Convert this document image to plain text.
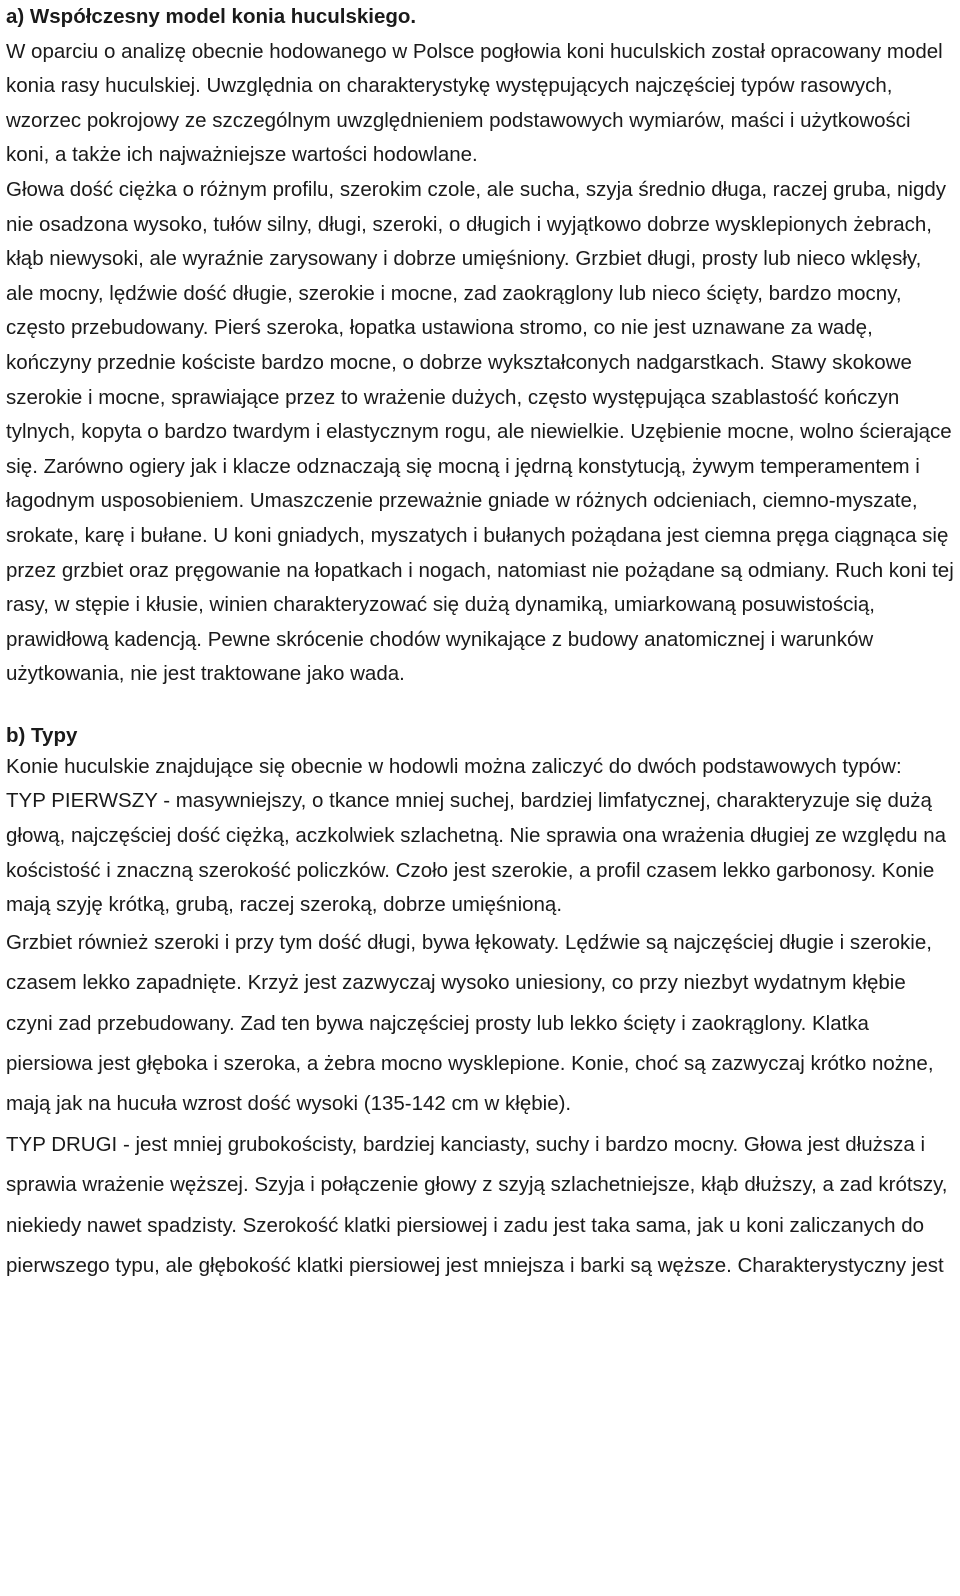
a) Współczesny model konia huculskiego.

W oparciu o analizę obecnie hodowanego w Polsce pogłowia koni huculskich został opracowany model konia rasy huculskiej. Uwzględnia on charakterystykę występujących najczęściej typów rasowych, wzorzec pokrojowy ze szczególnym uwzględnieniem podstawowych wymiarów, maści i użytkowości koni, a także ich najważniejsze wartości hodowlane.

Głowa dość ciężka o różnym profilu, szerokim czole, ale sucha, szyja średnio długa, raczej gruba, nigdy nie osadzona wysoko, tułów silny, długi, szeroki, o długich i wyjątkowo dobrze wysklepionych żebrach, kłąb niewysoki, ale wyraźnie zarysowany i dobrze umięśniony. Grzbiet długi, prosty lub nieco wklęsły, ale mocny, lędźwie dość długie, szerokie i mocne, zad zaokrąglony lub nieco ścięty, bardzo mocny, często przebudowany. Pierś szeroka, łopatka ustawiona stromo, co nie jest uznawane za wadę, kończyny przednie kościste bardzo mocne, o dobrze wykształconych nadgarstkach. Stawy skokowe szerokie i mocne, sprawiające przez to wrażenie dużych, często występująca szablastość kończyn tylnych, kopyta o bardzo twardym i elastycznym rogu, ale niewielkie. Uzębienie mocne, wolno ścierające się. Zarówno ogiery jak i klacze odznaczają się mocną i jędrną konstytucją, żywym temperamentem i łagodnym usposobieniem. Umaszczenie przeważnie gniade w różnych odcieniach, ciemno-myszate, srokate, karę i bułane. U koni gniadych, myszatych i bułanych pożądana jest ciemna pręga ciągnąca się przez grzbiet oraz pręgowanie na łopatkach i nogach, natomiast nie pożądane są odmiany. Ruch koni tej rasy, w stępie i kłusie, winien charakteryzować się dużą dynamiką, umiarkowaną posuwistością, prawidłową kadencją. Pewne skrócenie chodów wynikające z budowy anatomicznej i warunków użytkowania, nie jest traktowane jako wada.

b) Typy

Konie huculskie znajdujące się obecnie w hodowli można zaliczyć do dwóch podstawowych typów:

TYP PIERWSZY - masywniejszy, o tkance mniej suchej, bardziej limfatycznej, charakteryzuje się dużą głową, najczęściej dość ciężką, aczkolwiek szlachetną. Nie sprawia ona wrażenia długiej ze względu na kościstość i znaczną szerokość policzków. Czoło jest szerokie, a profil czasem lekko garbonosy. Konie mają szyję krótką, grubą, raczej szeroką, dobrze umięśnioną.

Grzbiet również szeroki i przy tym dość długi, bywa łękowaty. Lędźwie są najczęściej długie i szerokie, czasem lekko zapadnięte. Krzyż jest zazwyczaj wysoko uniesiony, co przy niezbyt wydatnym kłębie czyni zad przebudowany. Zad ten bywa najczęściej prosty lub lekko ścięty i zaokrąglony. Klatka piersiowa jest głęboka i szeroka, a żebra mocno wysklepione. Konie, choć są zazwyczaj krótko nożne, mają jak na hucuła wzrost dość wysoki (135-142 cm w kłębie).

TYP DRUGI - jest mniej grubokościsty, bardziej kanciasty, suchy i bardzo mocny. Głowa jest dłuższa i sprawia wrażenie węższej. Szyja i połączenie głowy z szyją szlachetniejsze, kłąb dłuższy, a zad krótszy, niekiedy nawet spadzisty. Szerokość klatki piersiowej i zadu jest taka sama, jak u koni zaliczanych do pierwszego typu, ale głębokość klatki piersiowej jest mniejsza i barki są węższe. Charakterystyczny jest
